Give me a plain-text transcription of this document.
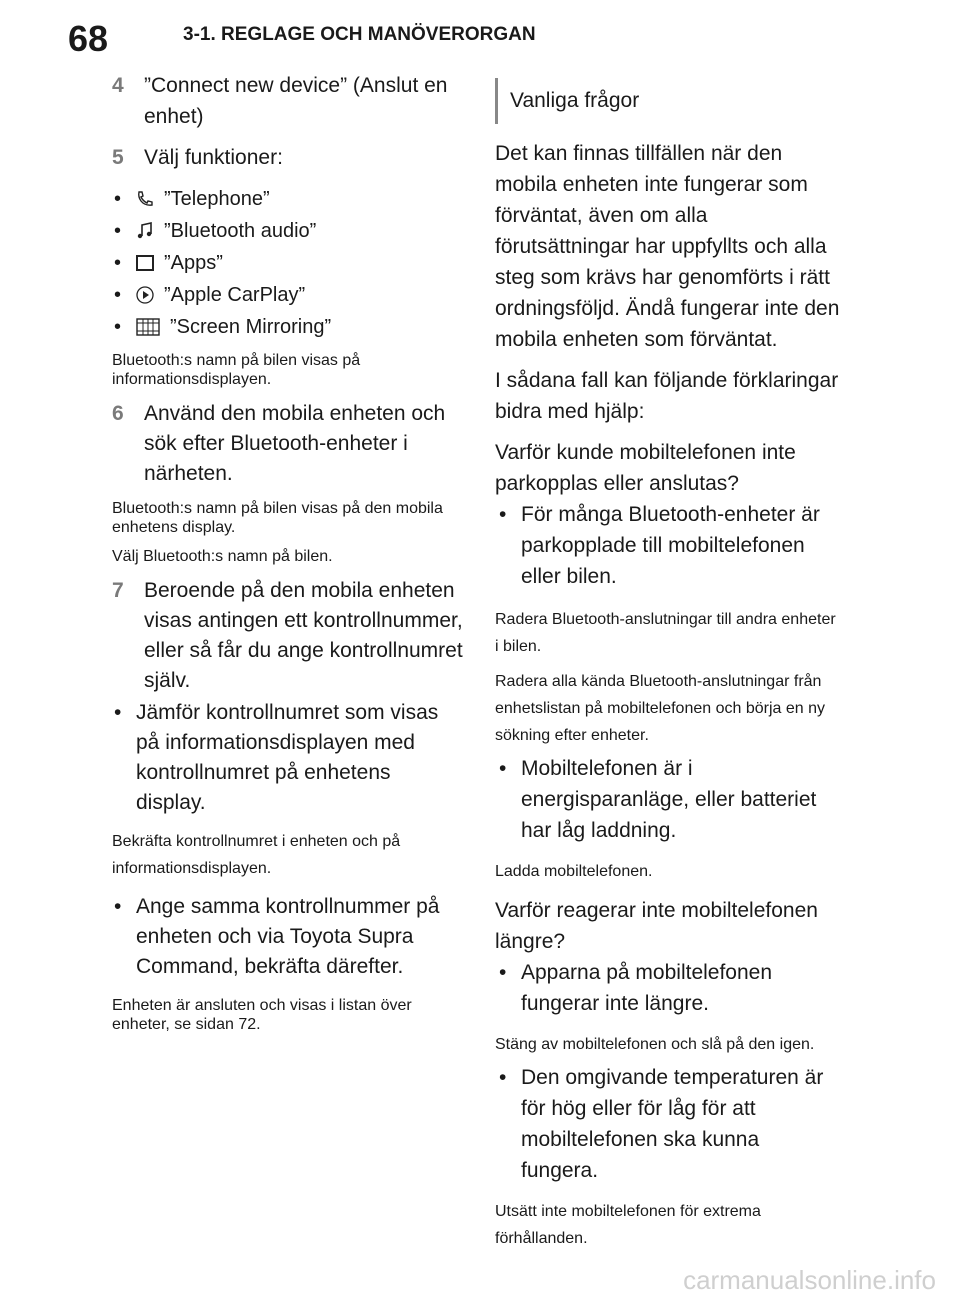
68	3-1. REGLAGE OCH MANÖVERORGAN
4 ”Connect new device” (Anslut en enhet)
5 Välj funktioner:
• ”Telephone”
• ”Bluetooth audio”
• ”Apps”
• ”Apple CarPlay”
• ”Screen Mirroring”
Bluetooth:s namn på bilen visas på informationsdisplayen.
6 Använd den mobila enheten och sök efter Bluetooth-enheter i närheten.
Bluetooth:s namn på bilen visas på den mobila enhetens display.
Välj Bluetooth:s namn på bilen.
7 Beroende på den mobila enheten visas antingen ett kontrollnummer, eller så får du ange kontrollnumret själv.
• Jämför kontrollnumret som visas på informationsdisplayen med kontrollnumret på enhetens display.
Bekräfta kontrollnumret i enheten och på informationsdisplayen.
• Ange samma kontrollnummer på enheten och via Toyota Supra Command, bekräfta därefter.
Enheten är ansluten och visas i listan över enheter, se sidan 72.
Vanliga frågor
Det kan finnas tillfällen när den mobila enheten inte fungerar som förväntat, även om alla förutsättningar har uppfyllts och alla steg som krävs har genomförts i rätt ordningsföljd. Ändå fungerar inte den mobila enheten som förväntat.
I sådana fall kan följande förklaringar bidra med hjälp:
Varför kunde mobiltelefonen inte parkopplas eller anslutas?
• För många Bluetooth-enheter är parkopplade till mobiltelefonen eller bilen.
Radera Bluetooth-anslutningar till andra enheter i bilen.
Radera alla kända Bluetooth-anslutningar från enhetslistan på mobiltelefonen och börja en ny sökning efter enheter.
• Mobiltelefonen är i energisparanläge, eller batteriet har låg laddning.
Ladda mobiltelefonen.
Varför reagerar inte mobiltelefonen längre?
• Apparna på mobiltelefonen fungerar inte längre.
Stäng av mobiltelefonen och slå på den igen.
• Den omgivande temperaturen är för hög eller för låg för att mobiltelefonen ska kunna fungera.
Utsätt inte mobiltelefonen för extrema förhållanden.
carmanualsonline.info
